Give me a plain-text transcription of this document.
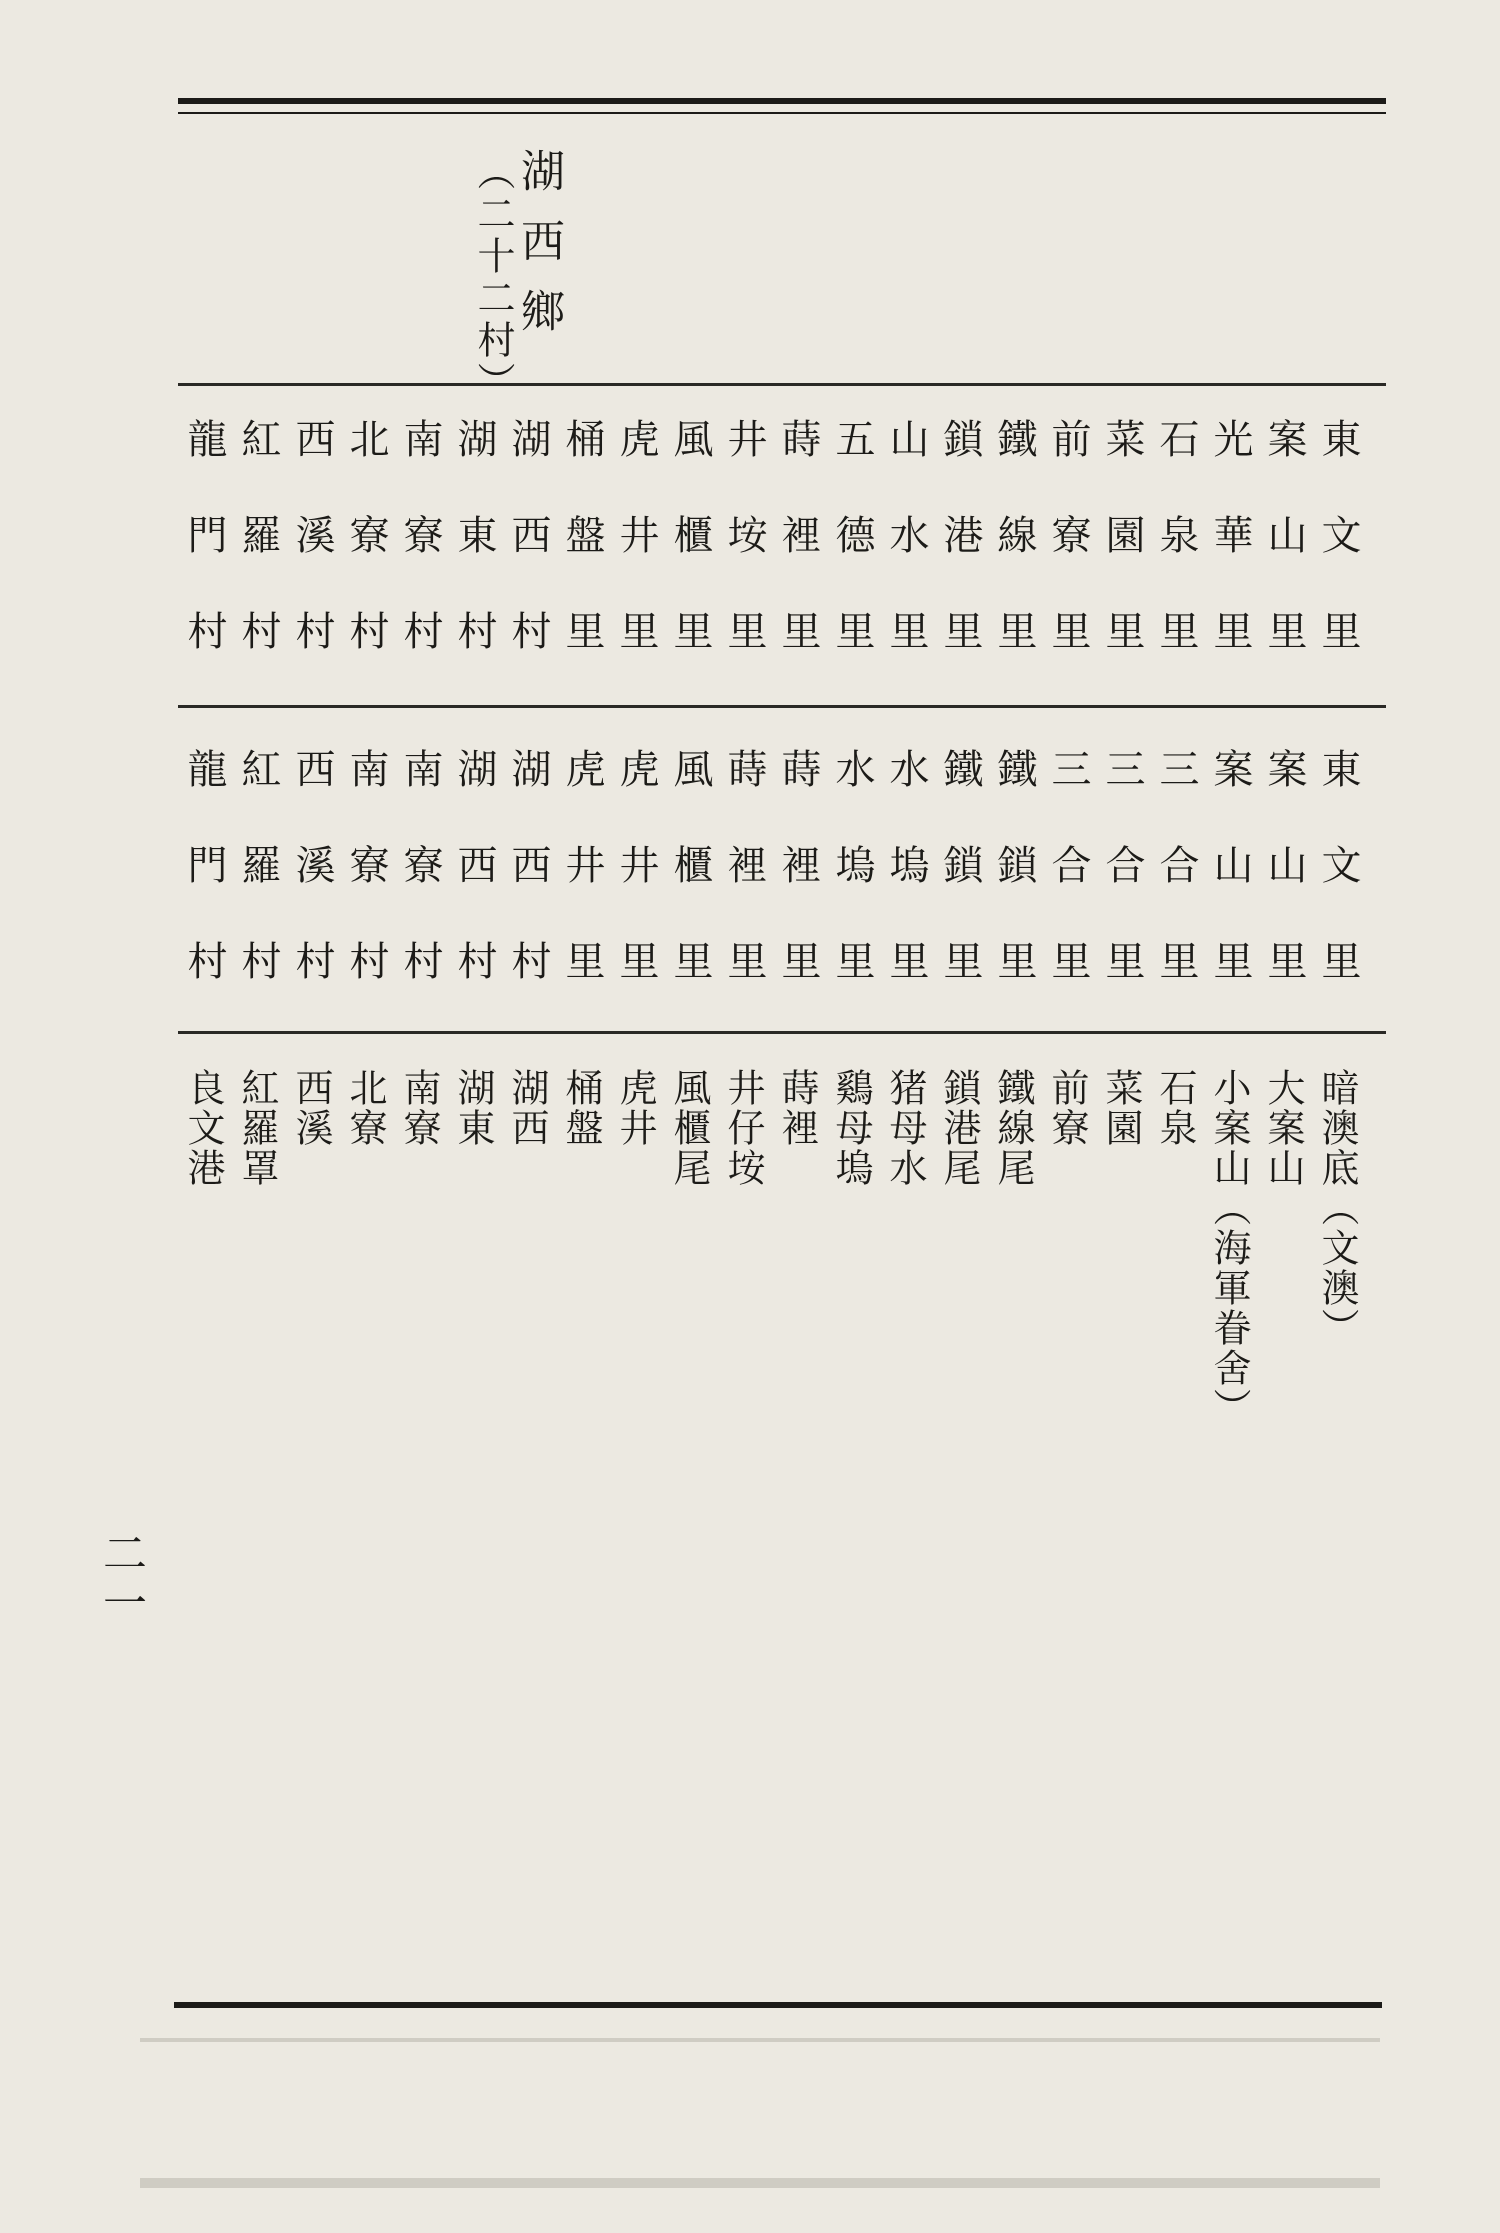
湖西鄉
（二十二村）
東文里
案山里
光華里
石泉里
菜園里
前寮里
鐵線里
鎖港里
山水里
五德里
蒔裡里
井垵里
風櫃里
虎井里
桶盤里
湖西村
湖東村
南寮村
北寮村
西溪村
紅羅村
龍門村
東文里
案山里
案山里
三合里
三合里
三合里
鐵鎖里
鐵鎖里
水塢里
水塢里
蒔裡里
蒔裡里
風櫃里
虎井里
虎井里
湖西村
湖西村
南寮村
南寮村
西溪村
紅羅村
龍門村
暗澳底（文澳）
大案山
小案山（海軍眷舍）
石泉
菜園
前寮
鐵線尾
鎖港尾
猪母水
鷄母塢
蒔裡
井仔垵
風櫃尾
虎井
桶盤
湖西
湖東
南寮
北寮
西溪
紅羅罩
良文港
二一
